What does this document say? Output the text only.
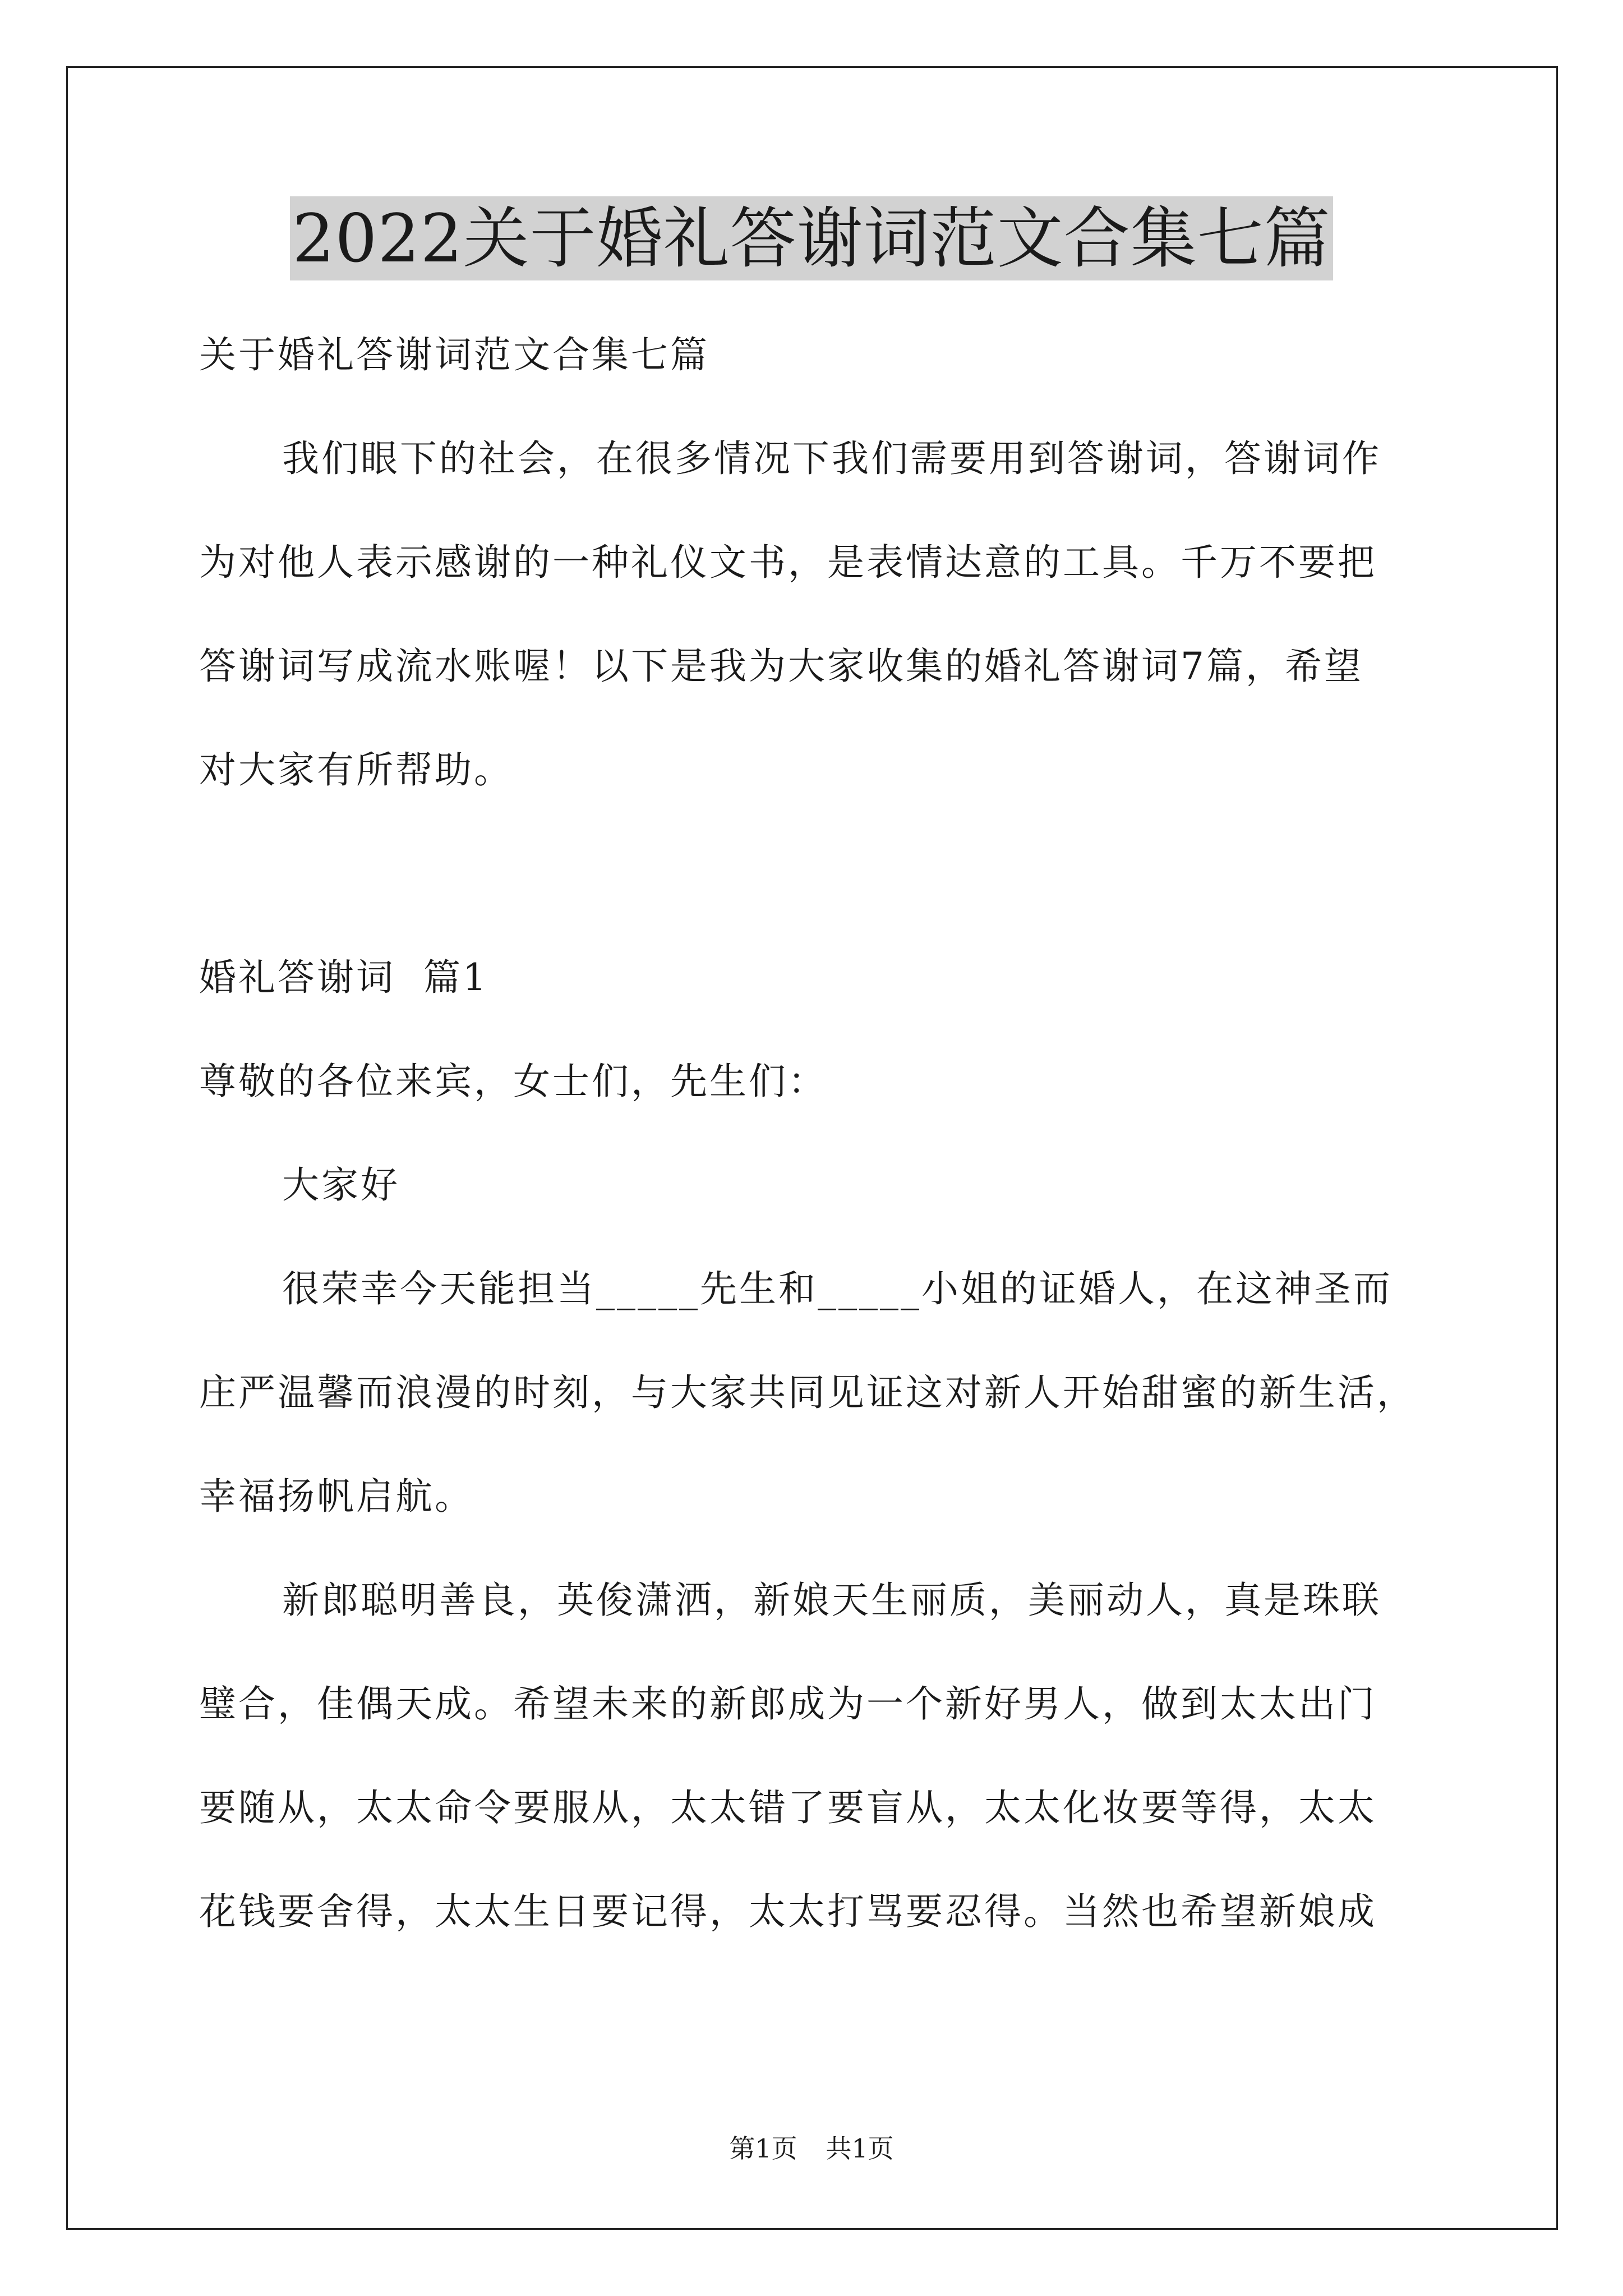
2022关于婚礼答谢词范文合集七篇
关于婚礼答谢词范文合集七篇
我们眼下的社会，在很多情况下我们需要用到答谢词，答谢词作
为对他人表示感谢的一种礼仪文书，是表情达意的工具。千万不要把
答谢词写成流水账喔！以下是我为大家收集的婚礼答谢词7篇，希望
对大家有所帮助。
婚礼答谢词  篇1
尊敬的各位来宾，女士们，先生们：
大家好
很荣幸今天能担当_____先生和_____小姐的证婚人，在这神圣而
庄严温馨而浪漫的时刻，与大家共同见证这对新人开始甜蜜的新生活，
幸福扬帆启航。
新郎聪明善良，英俊潇洒，新娘天生丽质，美丽动人，真是珠联
璧合，佳偶天成。希望未来的新郎成为一个新好男人，做到太太出门
要随从，太太命令要服从，太太错了要盲从，太太化妆要等得，太太
花钱要舍得，太太生日要记得，太太打骂要忍得。当然也希望新娘成
第1页 共1页
